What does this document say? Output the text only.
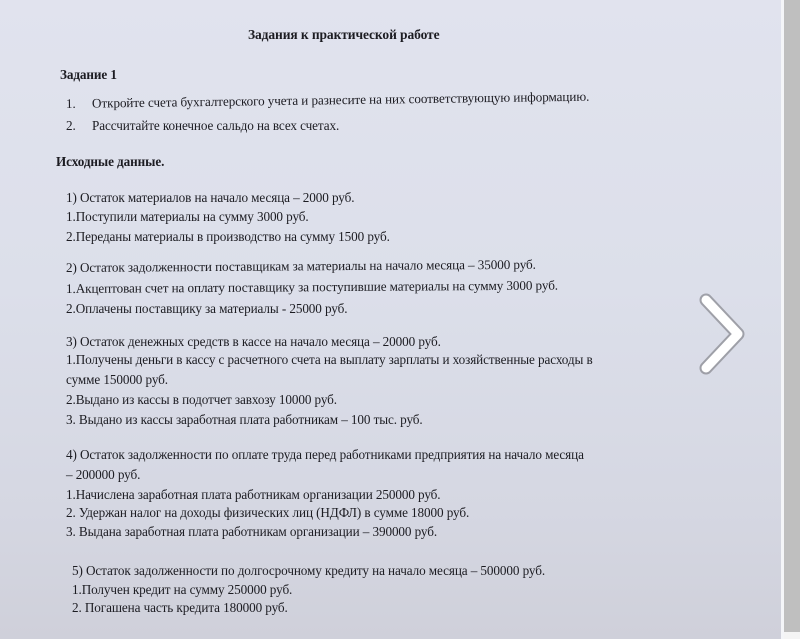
Задания к практической работе
Задание 1
1. Откройте счета бухгалтерского учета и разнесите на них соответствующую информацию.
2. Рассчитайте конечное сальдо на всех счетах.
Исходные данные.
1) Остаток материалов на начало месяца – 2000 руб.
1.Поступили материалы на сумму 3000 руб.
2.Переданы материалы в производство на сумму 1500 руб.
2) Остаток задолженности поставщикам за материалы на начало месяца – 35000 руб.
1.Акцептован счет на оплату поставщику за поступившие материалы на сумму 3000 руб.
2.Оплачены поставщику за материалы - 25000 руб.
3) Остаток денежных средств в кассе на начало месяца – 20000 руб.
1.Получены деньги в кассу с расчетного счета на выплату зарплаты и хозяйственные расходы в
сумме 150000 руб.
2.Выдано из кассы в подотчет завхозу 10000 руб.
3. Выдано из кассы заработная плата работникам – 100 тыс. руб.
4) Остаток задолженности по оплате труда перед работниками предприятия на начало месяца
– 200000 руб.
1.Начислена заработная плата работникам организации 250000 руб.
2. Удержан налог на доходы физических лиц (НДФЛ) в сумме 18000 руб.
3. Выдана заработная плата работникам организации – 390000 руб.
5) Остаток задолженности по долгосрочному кредиту на начало месяца – 500000 руб.
1.Получен кредит на сумму 250000 руб.
2. Погашена часть кредита 180000 руб.
